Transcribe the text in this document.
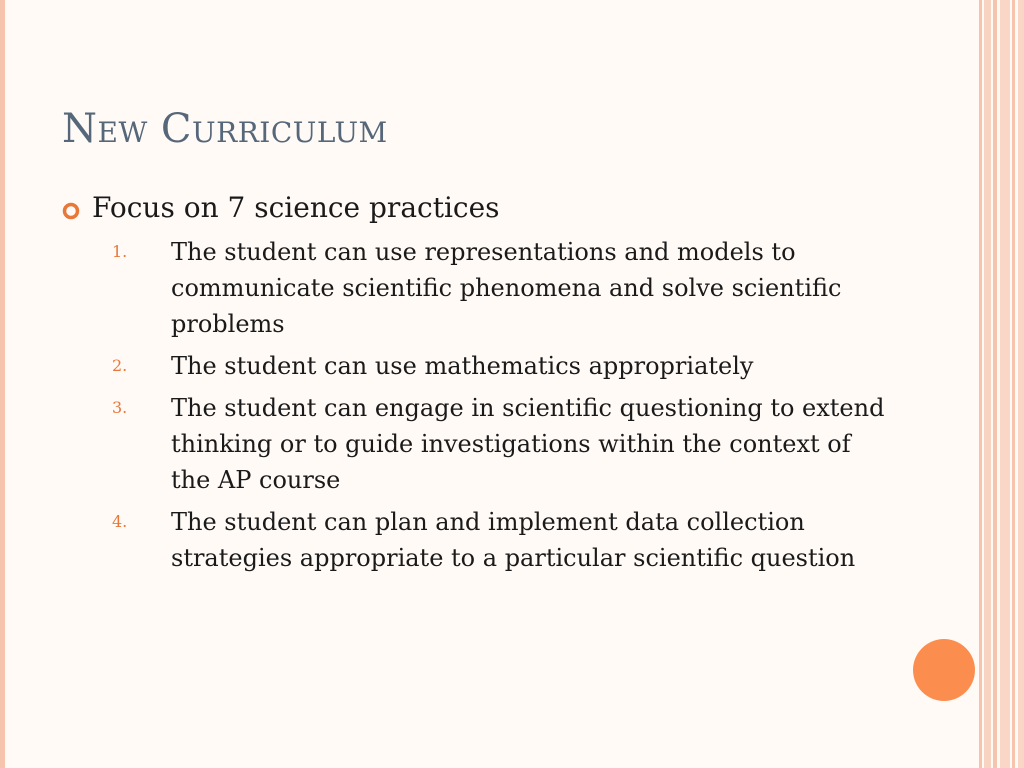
New Curriculum
Focus on 7 science practices
1.	The student can use representations and models to communicate scientific phenomena and solve scientific problems
2.	The student can use mathematics appropriately
3.	The student can engage in scientific questioning to extend thinking or to guide investigations within the context of the AP course
4.	The student can plan and implement data collection strategies appropriate to a particular scientific question
